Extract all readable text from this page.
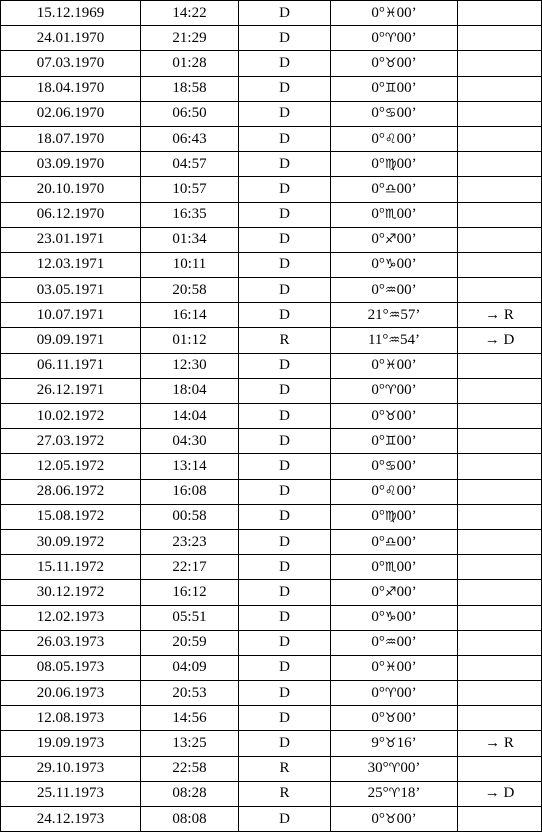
15.12.1969	14:22	D	0°♓00’	
24.01.1970	21:29	D	0°♈00’	
07.03.1970	01:28	D	0°♉00’	
18.04.1970	18:58	D	0°♊00’	
02.06.1970	06:50	D	0°♋00’	
18.07.1970	06:43	D	0°♌00’	
03.09.1970	04:57	D	0°♍00’	
20.10.1970	10:57	D	0°♎00’	
06.12.1970	16:35	D	0°♏00’	
23.01.1971	01:34	D	0°♐00’	
12.03.1971	10:11	D	0°♑00’	
03.05.1971	20:58	D	0°♒00’	
10.07.1971	16:14	D	21°♒57’	→ R
09.09.1971	01:12	R	11°♒54’	→ D
06.11.1971	12:30	D	0°♓00’	
26.12.1971	18:04	D	0°♈00’	
10.02.1972	14:04	D	0°♉00’	
27.03.1972	04:30	D	0°♊00’	
12.05.1972	13:14	D	0°♋00’	
28.06.1972	16:08	D	0°♌00’	
15.08.1972	00:58	D	0°♍00’	
30.09.1972	23:23	D	0°♎00’	
15.11.1972	22:17	D	0°♏00’	
30.12.1972	16:12	D	0°♐00’	
12.02.1973	05:51	D	0°♑00’	
26.03.1973	20:59	D	0°♒00’	
08.05.1973	04:09	D	0°♓00’	
20.06.1973	20:53	D	0°♈00’	
12.08.1973	14:56	D	0°♉00’	
19.09.1973	13:25	D	9°♉16’	→ R
29.10.1973	22:58	R	30°♈00’	
25.11.1973	08:28	R	25°♈18’	→ D
24.12.1973	08:08	D	0°♉00’	
